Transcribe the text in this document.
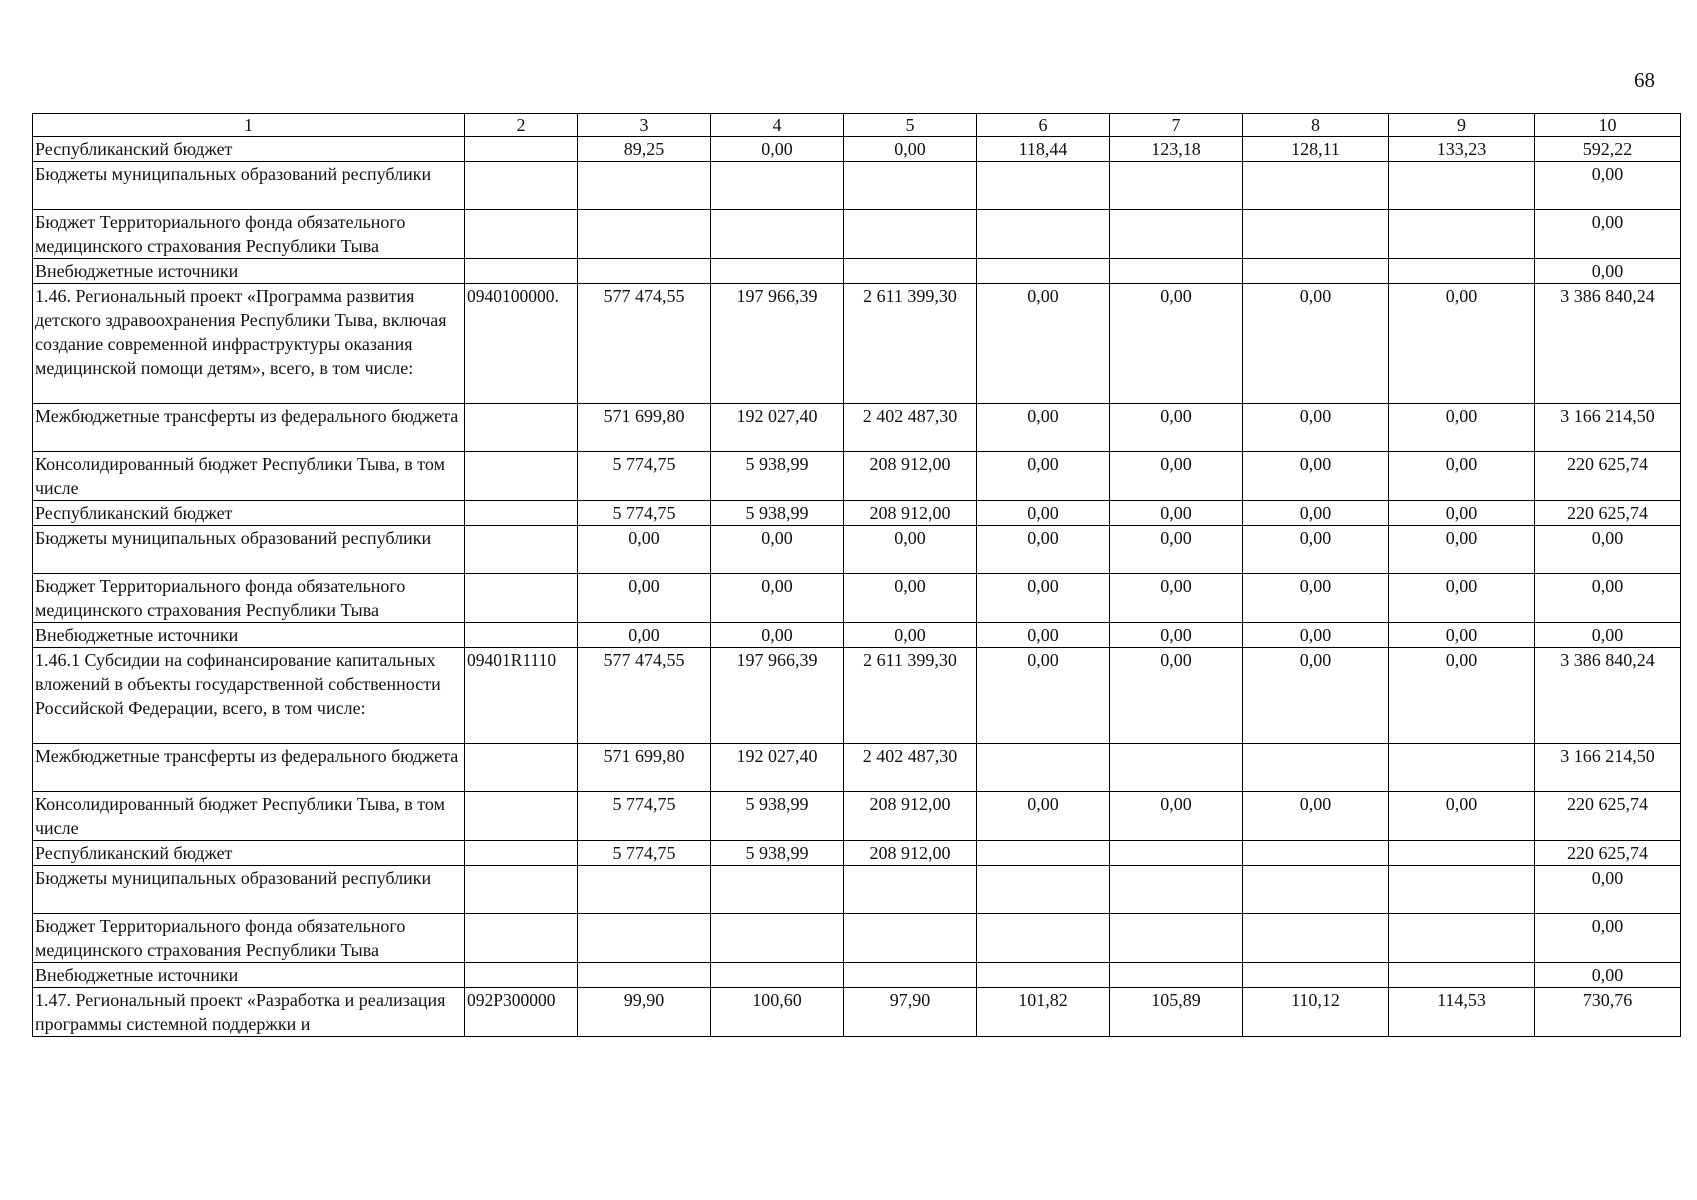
68
1	2	3	4	5	6	7	8	9	10
Республиканский бюджет		89,25	0,00	0,00	118,44	123,18	128,11	133,23	592,22
Бюджеты муниципальных образований республики									0,00
Бюджет Территориального фонда обязательного медицинского страхования Республики Тыва									0,00
Внебюджетные источники									0,00
1.46. Региональный проект «Программа развития детского здравоохранения Республики Тыва, включая создание современной инфраструктуры оказания медицинской помощи детям», всего, в том числе:	0940100000.	577 474,55	197 966,39	2 611 399,30	0,00	0,00	0,00	0,00	3 386 840,24
Межбюджетные трансферты из федерального бюджета		571 699,80	192 027,40	2 402 487,30	0,00	0,00	0,00	0,00	3 166 214,50
Консолидированный бюджет Республики Тыва, в том числе		5 774,75	5 938,99	208 912,00	0,00	0,00	0,00	0,00	220 625,74
Республиканский бюджет		5 774,75	5 938,99	208 912,00	0,00	0,00	0,00	0,00	220 625,74
Бюджеты муниципальных образований республики		0,00	0,00	0,00	0,00	0,00	0,00	0,00	0,00
Бюджет Территориального фонда обязательного медицинского страхования Республики Тыва		0,00	0,00	0,00	0,00	0,00	0,00	0,00	0,00
Внебюджетные источники		0,00	0,00	0,00	0,00	0,00	0,00	0,00	0,00
1.46.1 Субсидии на софинансирование капитальных вложений в объекты государственной собственности Российской Федерации, всего, в том числе:	09401R1110	577 474,55	197 966,39	2 611 399,30	0,00	0,00	0,00	0,00	3 386 840,24
Межбюджетные трансферты из федерального бюджета		571 699,80	192 027,40	2 402 487,30					3 166 214,50
Консолидированный бюджет Республики Тыва, в том числе		5 774,75	5 938,99	208 912,00	0,00	0,00	0,00	0,00	220 625,74
Республиканский бюджет		5 774,75	5 938,99	208 912,00					220 625,74
Бюджеты муниципальных образований республики									0,00
Бюджет Территориального фонда обязательного медицинского страхования Республики Тыва									0,00
Внебюджетные источники									0,00
1.47. Региональный проект «Разработка и реализация программы системной поддержки и	092P300000	99,90	100,60	97,90	101,82	105,89	110,12	114,53	730,76
